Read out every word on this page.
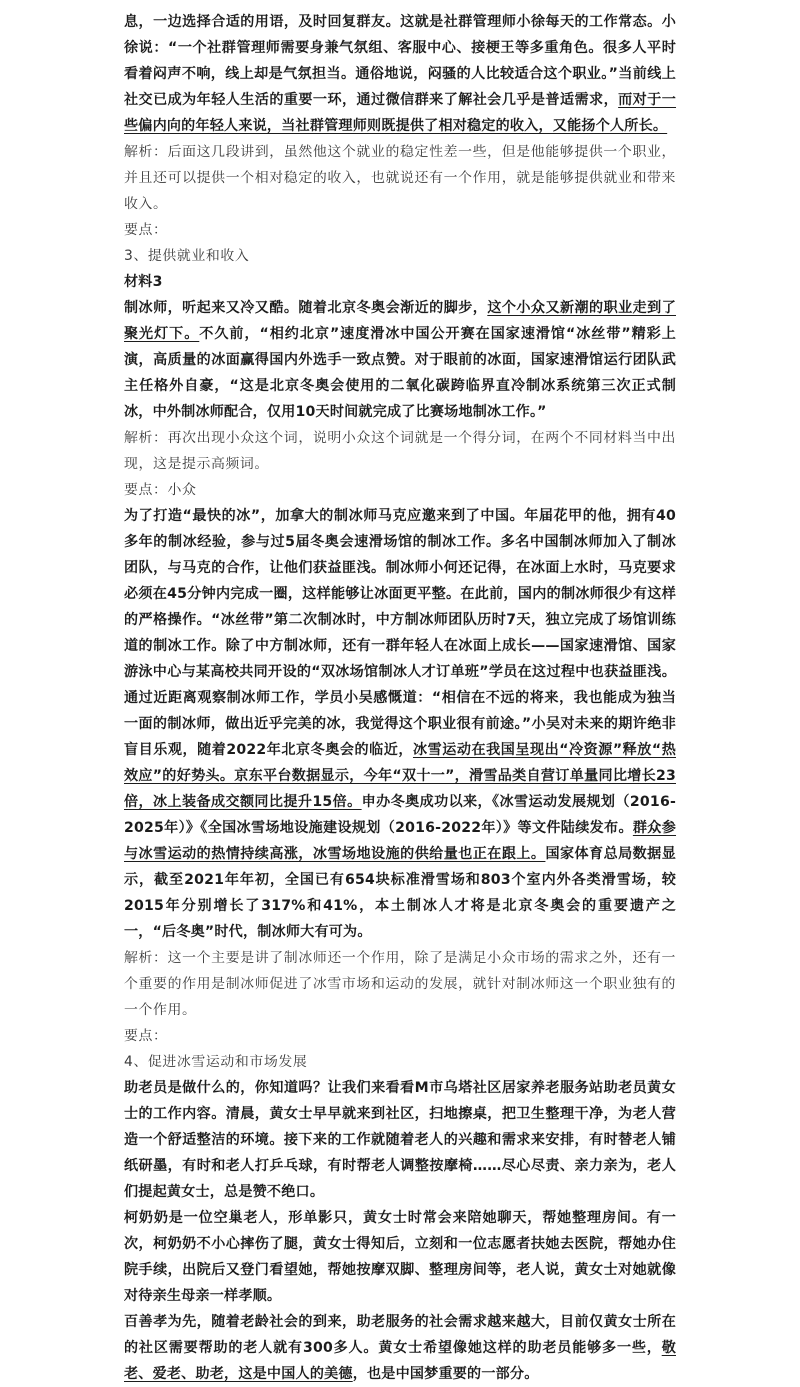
息，一边选择合适的用语，及时回复群友。这就是社群管理师小徐每天的工作常态。小徐说：“一个社群管理师需要身兼气氛组、客服中心、接梗王等多重角色。很多人平时看着闷声不响，线上却是气氛担当。通俗地说，闷骚的人比较适合这个职业。”当前线上社交已成为年轻人生活的重要一环，通过微信群来了解社会几乎是普适需求，而对于一些偏内向的年轻人来说，当社群管理师则既提供了相对稳定的收入，又能扬个人所长。

解析：后面这几段讲到，虽然他这个就业的稳定性差一些，但是他能够提供一个职业，并且还可以提供一个相对稳定的收入，也就说还有一个作用，就是能够提供就业和带来收入。

要点：

3、提供就业和收入

材料3

制冰师，听起来又冷又酷。随着北京冬奥会渐近的脚步，这个小众又新潮的职业走到了聚光灯下。不久前，“相约北京”速度滑冰中国公开赛在国家速滑馆“冰丝带”精彩上演，高质量的冰面赢得国内外选手一致点赞。对于眼前的冰面，国家速滑馆运行团队武主任格外自豪，“这是北京冬奥会使用的二氧化碳跨临界直冷制冰系统第三次正式制冰，中外制冰师配合，仅用10天时间就完成了比赛场地制冰工作。”

解析：再次出现小众这个词，说明小众这个词就是一个得分词，在两个不同材料当中出现，这是提示高频词。

要点：小众

为了打造“最快的冰”，加拿大的制冰师马克应邀来到了中国。年届花甲的他，拥有40多年的制冰经验，参与过5届冬奥会速滑场馆的制冰工作。多名中国制冰师加入了制冰团队，与马克的合作，让他们获益匪浅。制冰师小何还记得，在冰面上水时，马克要求必须在45分钟内完成一圈，这样能够让冰面更平整。在此前，国内的制冰师很少有这样的严格操作。“冰丝带”第二次制冰时，中方制冰师团队历时7天，独立完成了场馆训练道的制冰工作。除了中方制冰师，还有一群年轻人在冰面上成长——国家速滑馆、国家游泳中心与某高校共同开设的“双冰场馆制冰人才订单班”学员在这过程中也获益匪浅。通过近距离观察制冰师工作，学员小吴感慨道：“相信在不远的将来，我也能成为独当一面的制冰师，做出近乎完美的冰，我觉得这个职业很有前途。”小吴对未来的期许绝非盲目乐观，随着2022年北京冬奥会的临近，冰雪运动在我国呈现出“冷资源”释放“热效应”的好势头。京东平台数据显示，今年“双十一”，滑雪品类自营订单量同比增长23倍，冰上装备成交额同比提升15倍。申办冬奥成功以来，《冰雪运动发展规划（2016-2025年）》《全国冰雪场地设施建设规划（2016-2022年）》等文件陆续发布。群众参与冰雪运动的热情持续高涨，冰雪场地设施的供给量也正在跟上。国家体育总局数据显示，截至2021年年初，全国已有654块标准滑雪场和803个室内外各类滑雪场，较2015年分别增长了317%和41%，本土制冰人才将是北京冬奥会的重要遗产之一，“后冬奥”时代，制冰师大有可为。

解析：这一个主要是讲了制冰师还一个作用，除了是满足小众市场的需求之外，还有一个重要的作用是制冰师促进了冰雪市场和运动的发展，就针对制冰师这一个职业独有的一个作用。

要点：

4、促进冰雪运动和市场发展

助老员是做什么的，你知道吗？让我们来看看M市乌塔社区居家养老服务站助老员黄女士的工作内容。清晨，黄女士早早就来到社区，扫地擦桌，把卫生整理干净，为老人营造一个舒适整洁的环境。接下来的工作就随着老人的兴趣和需求来安排，有时替老人铺纸研墨，有时和老人打乒乓球，有时帮老人调整按摩椅……尽心尽责、亲力亲为，老人们提起黄女士，总是赞不绝口。

柯奶奶是一位空巢老人，形单影只，黄女士时常会来陪她聊天，帮她整理房间。有一次，柯奶奶不小心摔伤了腿，黄女士得知后，立刻和一位志愿者扶她去医院，帮她办住院手续，出院后又登门看望她，帮她按摩双脚、整理房间等，老人说，黄女士对她就像对待亲生母亲一样孝顺。

百善孝为先，随着老龄社会的到来，助老服务的社会需求越来越大，目前仅黄女士所在的社区需要帮助的老人就有300多人。黄女士希望像她这样的助老员能够多一些，敬老、爱老、助老，这是中国人的美德，也是中国梦重要的一部分。
